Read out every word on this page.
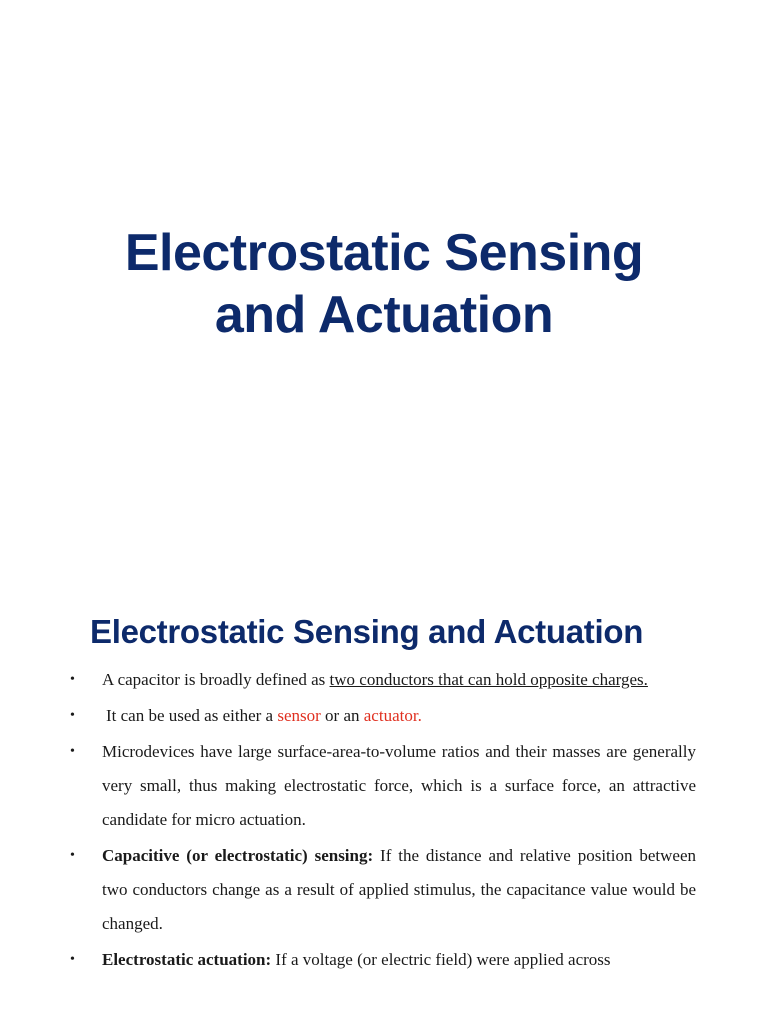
Electrostatic Sensing
and Actuation
Electrostatic Sensing and Actuation
• A capacitor is broadly defined as two conductors that can hold opposite charges.
• It can be used as either a sensor or an actuator.
• Microdevices have large surface-area-to-volume ratios and their masses are generally very small, thus making electrostatic force, which is a surface force, an attractive candidate for micro actuation.
• Capacitive (or electrostatic) sensing: If the distance and relative position between two conductors change as a result of applied stimulus, the capacitance value would be changed.
• Electrostatic actuation: If a voltage (or electric field) were applied across
